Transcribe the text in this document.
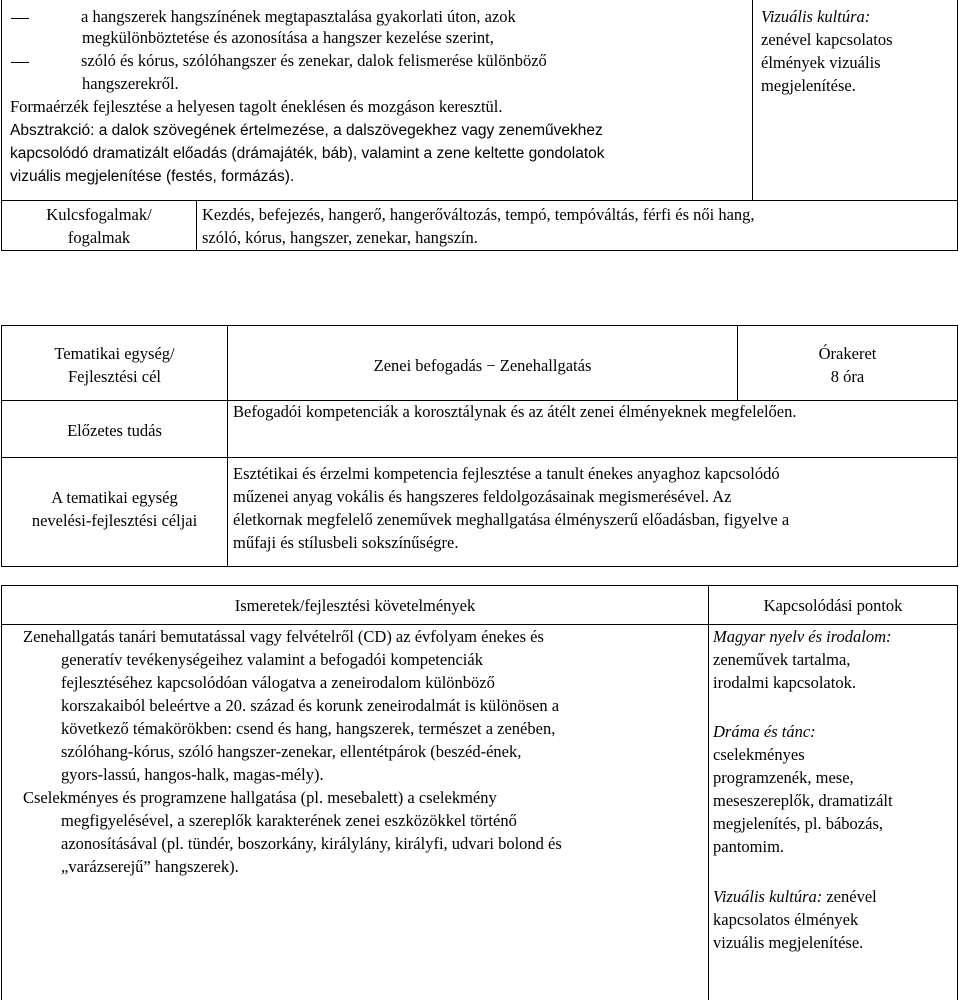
a hangszerek hangszínének megtapasztalása gyakorlati úton, azok
megkülönböztetése és azonosítása a hangszer kezelése szerint,
szóló és kórus, szólóhangszer és zenekar, dalok felismerése különböző
hangszerekről.
Formaérzék fejlesztése a helyesen tagolt éneklésen és mozgáson keresztül.
Absztrakció: a dalok szövegének értelmezése, a dalszövegekhez vagy zeneművekhez
kapcsolódó dramatizált előadás (drámajáték, báb), valamint a zene keltette gondolatok
vizuális megjelenítése (festés, formázás).
Vizuális kultúra:
zenével kapcsolatos
élmények vizuális
megjelenítése.
Kulcsfogalmak/
fogalmak
Kezdés, befejezés, hangerő, hangerőváltozás, tempó, tempóváltás, férfi és női hang,
szóló, kórus, hangszer, zenekar, hangszín.
Tematikai egység/
Fejlesztési cél
Zenei befogadás − Zenehallgatás
Órakeret
8 óra
Előzetes tudás
Befogadói kompetenciák a korosztálynak és az átélt zenei élményeknek megfelelően.
A tematikai egység
nevelési-fejlesztési céljai
Esztétikai és érzelmi kompetencia fejlesztése a tanult énekes anyaghoz kapcsolódó
műzenei anyag vokális és hangszeres feldolgozásainak megismerésével. Az
életkornak megfelelő zeneművek meghallgatása élményszerű előadásban, figyelve a
műfaji és stílusbeli sokszínűségre.
Ismeretek/fejlesztési követelmények	Kapcsolódási pontok
Zenehallgatás tanári bemutatással vagy felvételről (CD) az évfolyam énekes és
generatív tevékenységeihez valamint a befogadói kompetenciák
fejlesztéséhez kapcsolódóan válogatva a zeneirodalom különböző
korszakaiból beleértve a 20. század és korunk zeneirodalmát is különösen a
következő témakörökben: csend és hang, hangszerek, természet a zenében,
szólóhang-kórus, szóló hangszer-zenekar, ellentétpárok (beszéd-ének,
gyors-lassú, hangos-halk, magas-mély).
Cselekményes és programzene hallgatása (pl. mesebalett) a cselekmény
megfigyelésével, a szereplők karakterének zenei eszközökkel történő
azonosításával (pl. tündér, boszorkány, királylány, királyfi, udvari bolond és
„varázserejű” hangszerek).
Magyar nyelv és irodalom:
zeneművek tartalma,
irodalmi kapcsolatok.
Dráma és tánc:
cselekményes
programzenék, mese,
meseszereplők, dramatizált
megjelenítés, pl. bábozás,
pantomim.
Vizuális kultúra: zenével
kapcsolatos élmények
vizuális megjelenítése.
